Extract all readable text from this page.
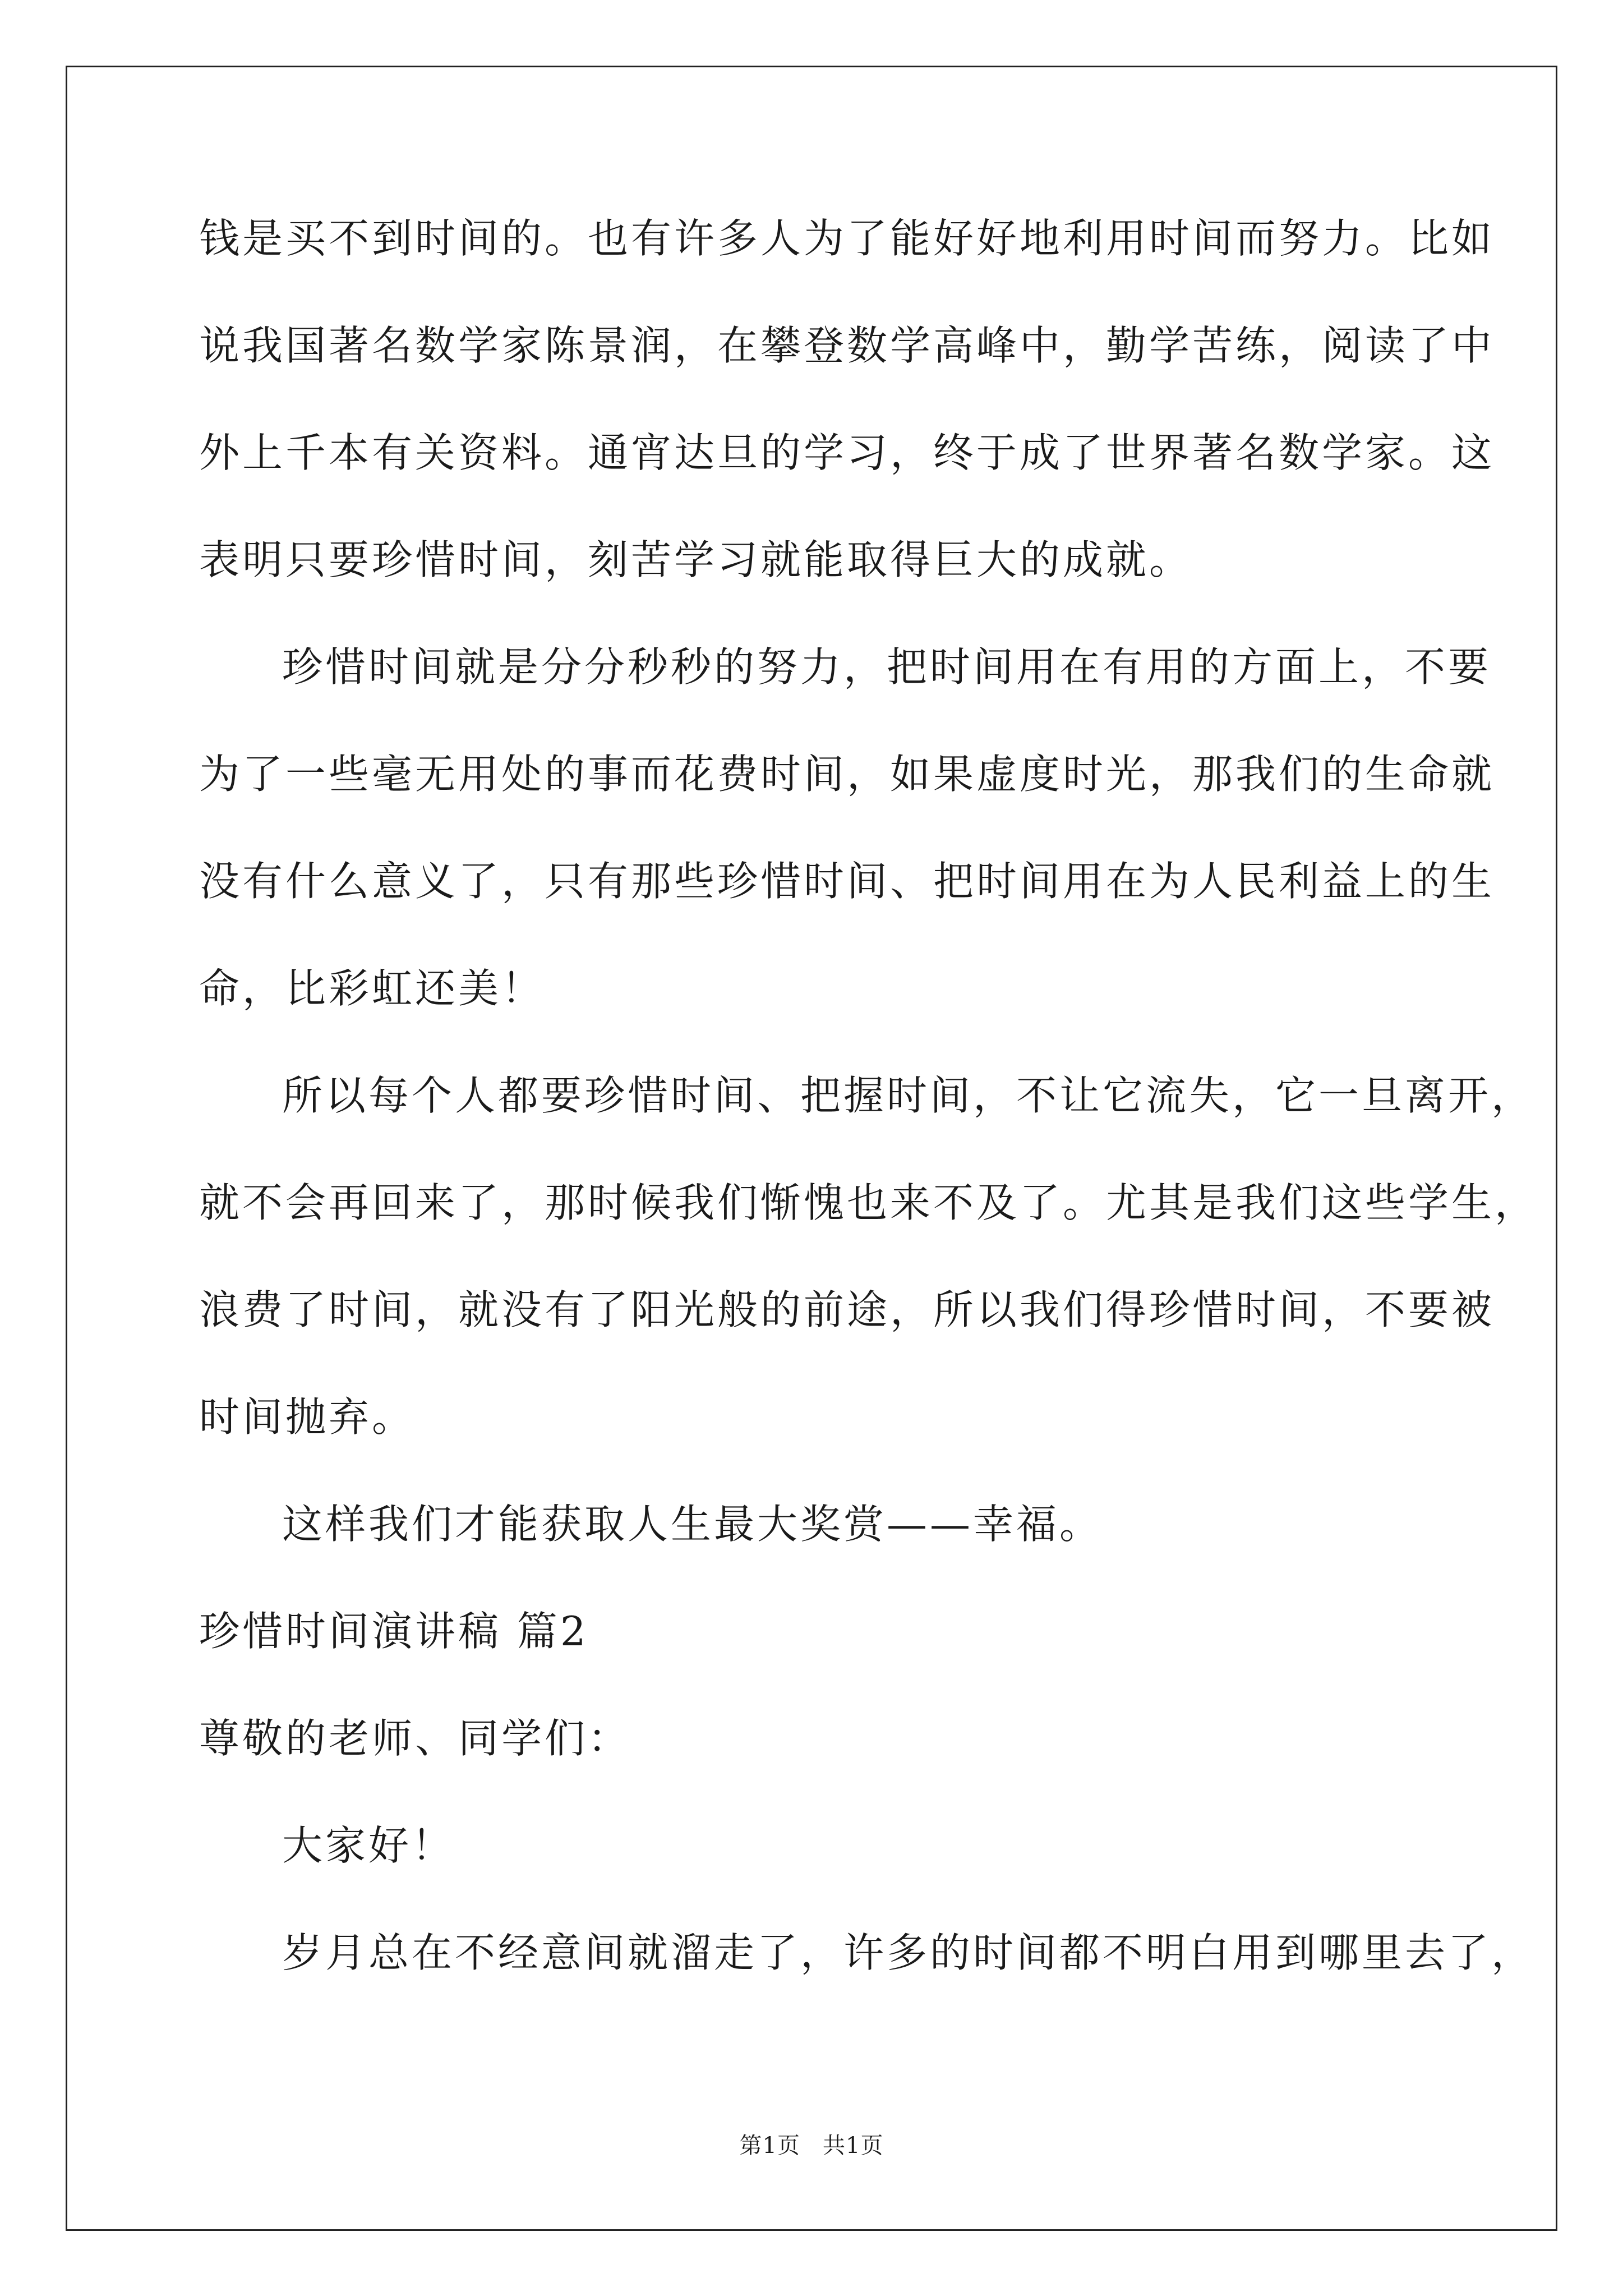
钱是买不到时间的。也有许多人为了能好好地利用时间而努力。比如
说我国著名数学家陈景润，在攀登数学高峰中，勤学苦练，阅读了中
外上千本有关资料。通宵达旦的学习，终于成了世界著名数学家。这
表明只要珍惜时间，刻苦学习就能取得巨大的成就。
珍惜时间就是分分秒秒的努力，把时间用在有用的方面上，不要
为了一些毫无用处的事而花费时间，如果虚度时光，那我们的生命就
没有什么意义了，只有那些珍惜时间、把时间用在为人民利益上的生
命，比彩虹还美！
所以每个人都要珍惜时间、把握时间，不让它流失，它一旦离开，
就不会再回来了，那时候我们惭愧也来不及了。尤其是我们这些学生，
浪费了时间，就没有了阳光般的前途，所以我们得珍惜时间，不要被
时间抛弃。
这样我们才能获取人生最大奖赏——幸福。
珍惜时间演讲稿 篇2
尊敬的老师、同学们：
大家好！
岁月总在不经意间就溜走了，许多的时间都不明白用到哪里去了，
第1页 共1页
